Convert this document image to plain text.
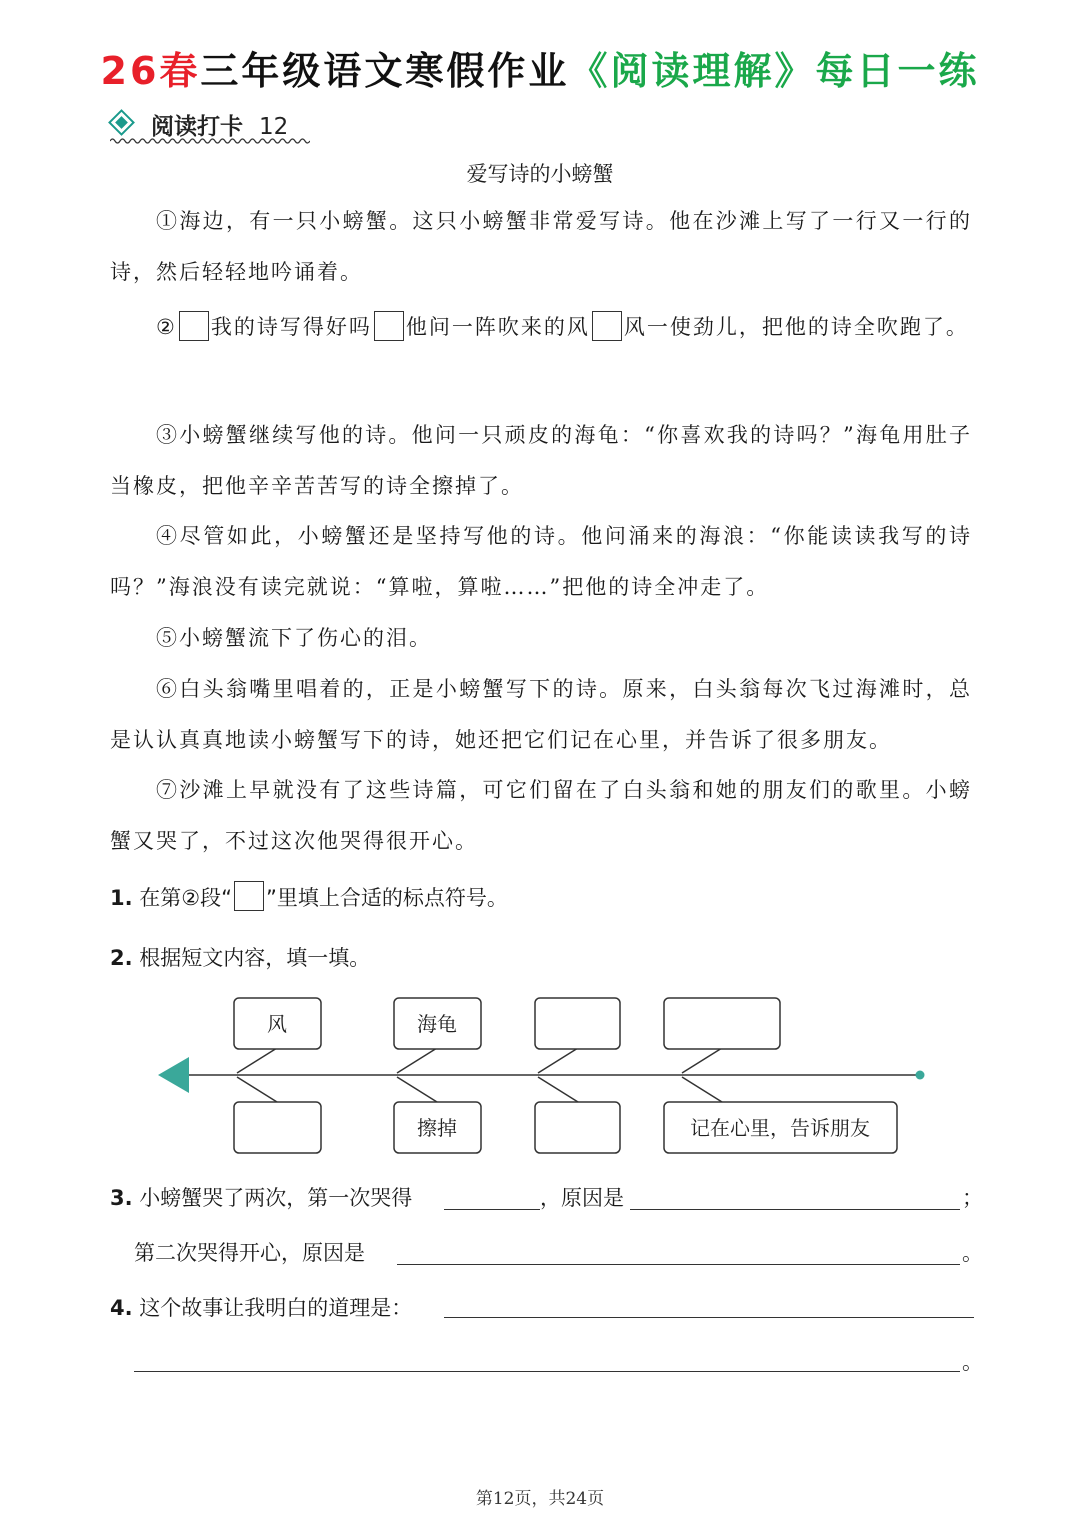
26春三年级语文寒假作业《阅读理解》每日一练
阅读打卡 12
爱写诗的小螃蟹
①海边，有一只小螃蟹。这只小螃蟹非常爱写诗。他在沙滩上写了一行又一行的诗，然后轻轻地吟诵着。
② 我的诗写得好吗 他问一阵吹来的风 风一使劲儿，把他的诗全吹跑了。
③小螃蟹继续写他的诗。他问一只顽皮的海龟：“你喜欢我的诗吗？”海龟用肚子当橡皮，把他辛辛苦苦写的诗全擦掉了。
④尽管如此，小螃蟹还是坚持写他的诗。他问涌来的海浪：“你能读读我写的诗吗？”海浪没有读完就说：“算啦，算啦……”把他的诗全冲走了。
⑤小螃蟹流下了伤心的泪。
⑥白头翁嘴里唱着的，正是小螃蟹写下的诗。原来，白头翁每次飞过海滩时，总是认认真真地读小螃蟹写下的诗，她还把它们记在心里，并告诉了很多朋友。
⑦沙滩上早就没有了这些诗篇，可它们留在了白头翁和她的朋友们的歌里。小螃蟹又哭了，不过这次他哭得很开心。
1. 在第②段“ ”里填上合适的标点符号。
2. 根据短文内容，填一填。
风	海龟
擦掉	记在心里，告诉朋友
3. 小螃蟹哭了两次，第一次哭得	，原因是	；
第二次哭得开心，原因是	。
4. 这个故事让我明白的道理是：
。
第12页，共24页
